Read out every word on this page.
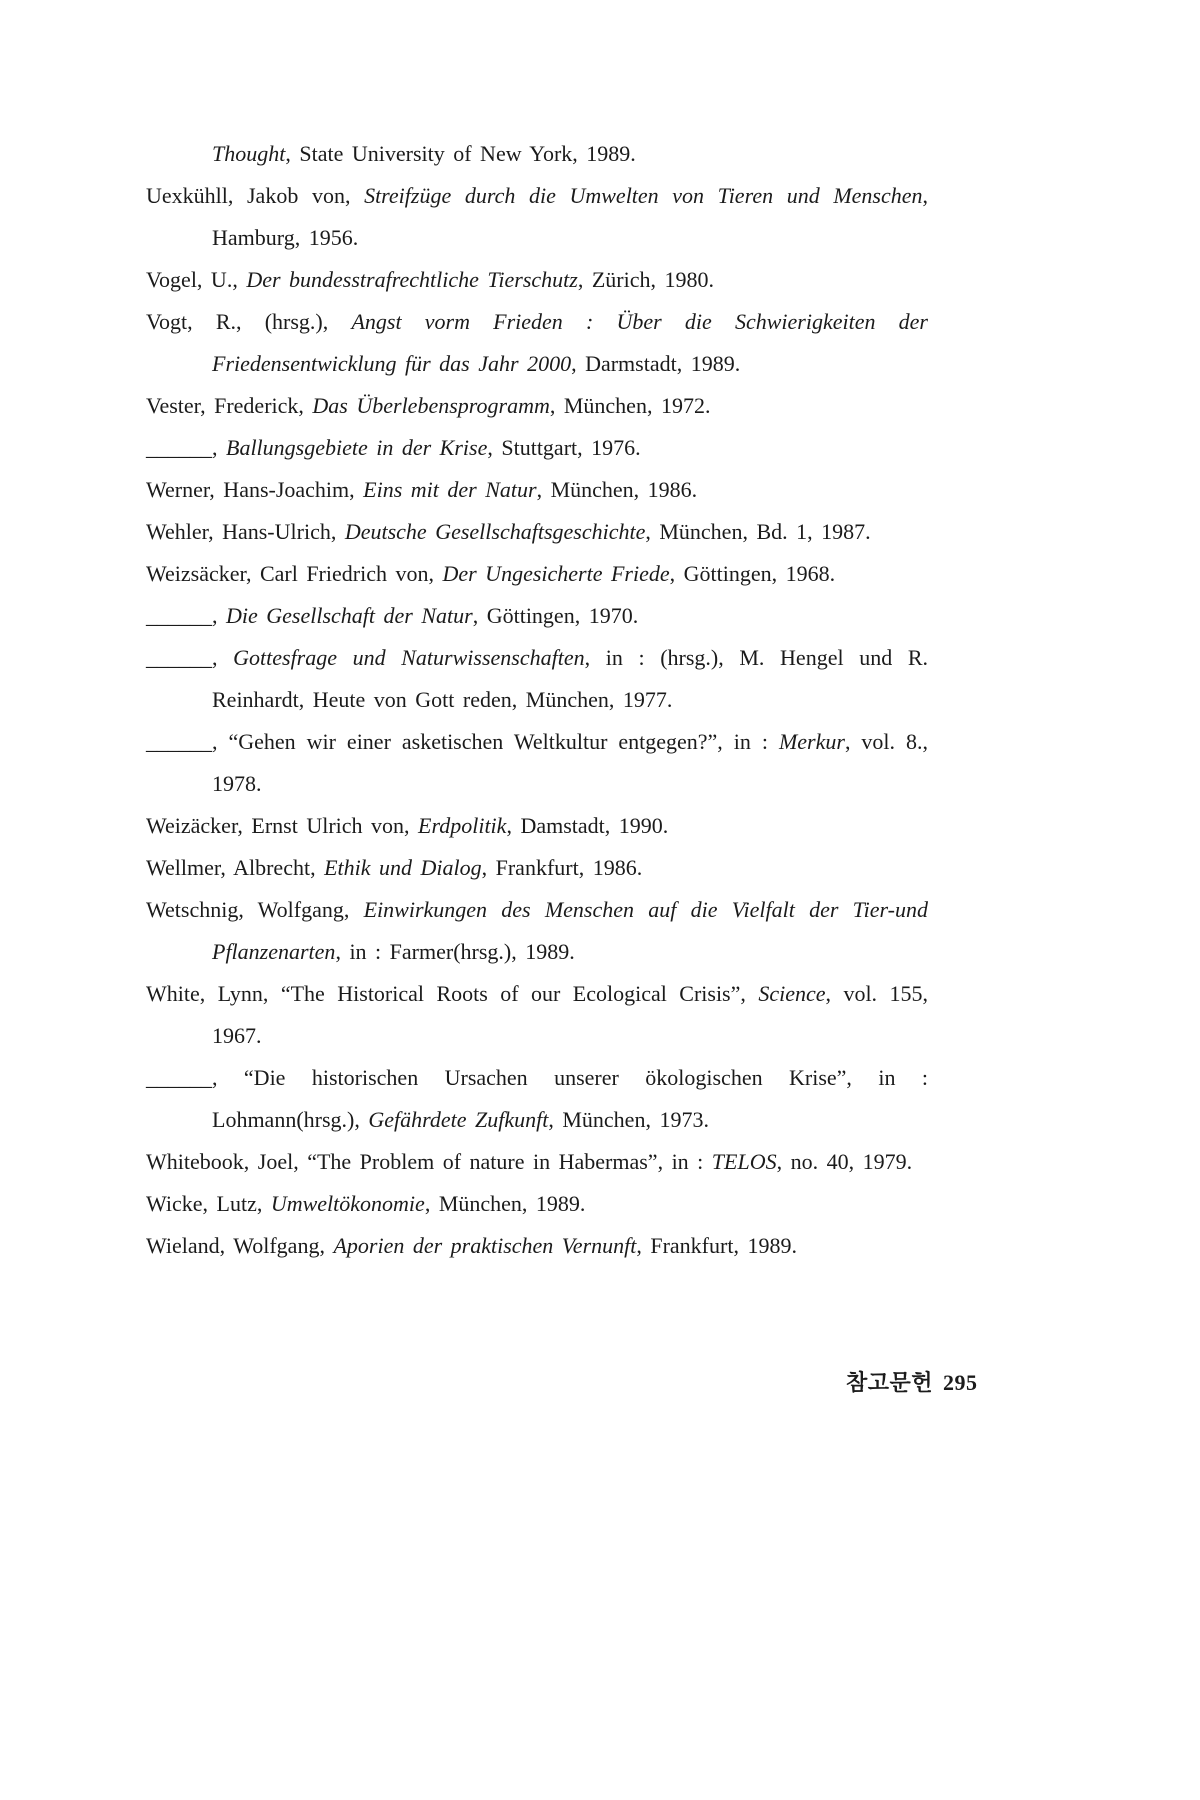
Thought, State University of New York, 1989.

Uexkühll, Jakob von, Streifzüge durch die Umwelten von Tieren und Menschen, Hamburg, 1956.

Vogel, U., Der bundesstrafrechtliche Tierschutz, Zürich, 1980.

Vogt, R., (hrsg.), Angst vorm Frieden : Über die Schwierigkeiten der Friedensentwicklung für das Jahr 2000, Darmstadt, 1989.

Vester, Frederick, Das Überlebensprogramm, München, 1972.

______, Ballungsgebiete in der Krise, Stuttgart, 1976.

Werner, Hans-Joachim, Eins mit der Natur, München, 1986.

Wehler, Hans-Ulrich, Deutsche Gesellschaftsgeschichte, München, Bd. 1, 1987.

Weizsäcker, Carl Friedrich von, Der Ungesicherte Friede, Göttingen, 1968.

______, Die Gesellschaft der Natur, Göttingen, 1970.

______, Gottesfrage und Naturwissenschaften, in : (hrsg.), M. Hengel und R. Reinhardt, Heute von Gott reden, München, 1977.

______, “Gehen wir einer asketischen Weltkultur entgegen?”, in : Merkur, vol. 8., 1978.

Weizäcker, Ernst Ulrich von, Erdpolitik, Damstadt, 1990.

Wellmer, Albrecht, Ethik und Dialog, Frankfurt, 1986.

Wetschnig, Wolfgang, Einwirkungen des Menschen auf die Vielfalt der Tier-und Pflanzenarten, in : Farmer(hrsg.), 1989.

White, Lynn, “The Historical Roots of our Ecological Crisis”, Science, vol. 155, 1967.

______, “Die historischen Ursachen unserer ökologischen Krise”, in : Lohmann(hrsg.), Gefährdete Zufkunft, München, 1973.

Whitebook, Joel, “The Problem of nature in Habermas”, in : TELOS, no. 40, 1979.

Wicke, Lutz, Umweltökonomie, München, 1989.

Wieland, Wolfgang, Aporien der praktischen Vernunft, Frankfurt, 1989.

참고문헌 295
